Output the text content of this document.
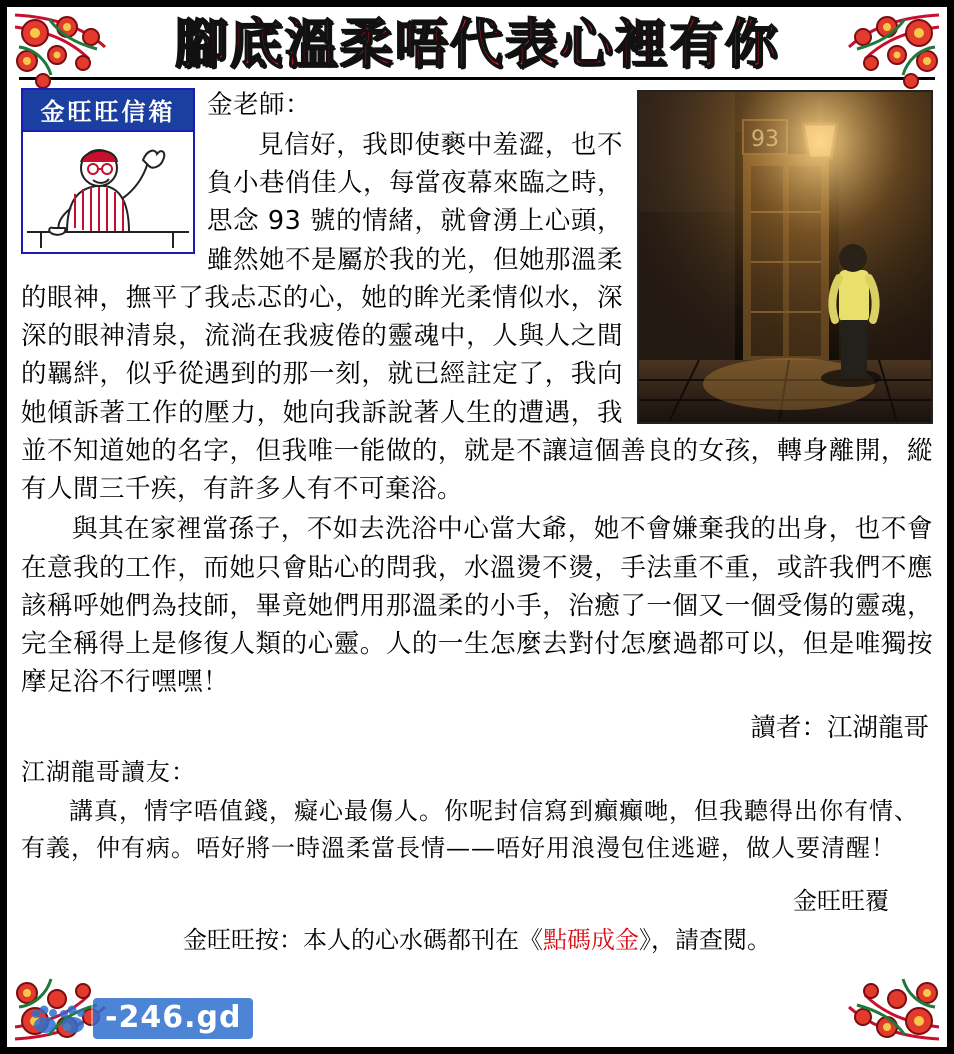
腳底溫柔唔代表心裡有你
金旺旺信箱	金老師：

見信好，我即使褻中羞澀，也不負小巷俏佳人，每當夜幕來臨之時，思念 93 號的情緒，就會湧上心頭，雖然她不是屬於我的光，但她那溫柔的眼神，撫平了我忐忑的心，她的眸光柔情似水，深深的眼神清泉，流淌在我疲倦的靈魂中，人與人之間的羈絆，似乎從遇到的那一刻，就已經註定了，我向她傾訴著工作的壓力，她向我訴說著人生的遭遇，我並不知道她的名字，但我唯一能做的，就是不讓這個善良的女孩，轉身離開，縱有人間三千疾，有許多人有不可棄浴。

與其在家裡當孫子，不如去洗浴中心當大爺，她不會嫌棄我的出身，也不會在意我的工作，而她只會貼心的問我，水溫燙不燙，手法重不重，或許我們不應該稱呼她們為技師，畢竟她們用那溫柔的小手，治癒了一個又一個受傷的靈魂，完全稱得上是修復人類的心靈。人的一生怎麼去對付怎麼過都可以，但是唯獨按摩足浴不行嘿嘿！

讀者：江湖龍哥

江湖龍哥讀友：

講真，情字唔值錢，癡心最傷人。你呢封信寫到癲癲哋，但我聽得出你有情、有義，仲有病。唔好將一時溫柔當長情——唔好用浪漫包住逃避，做人要清醒！

金旺旺覆
金旺旺按：本人的心水碼都刊在《點碼成金》，請查閱。
-246.gd
